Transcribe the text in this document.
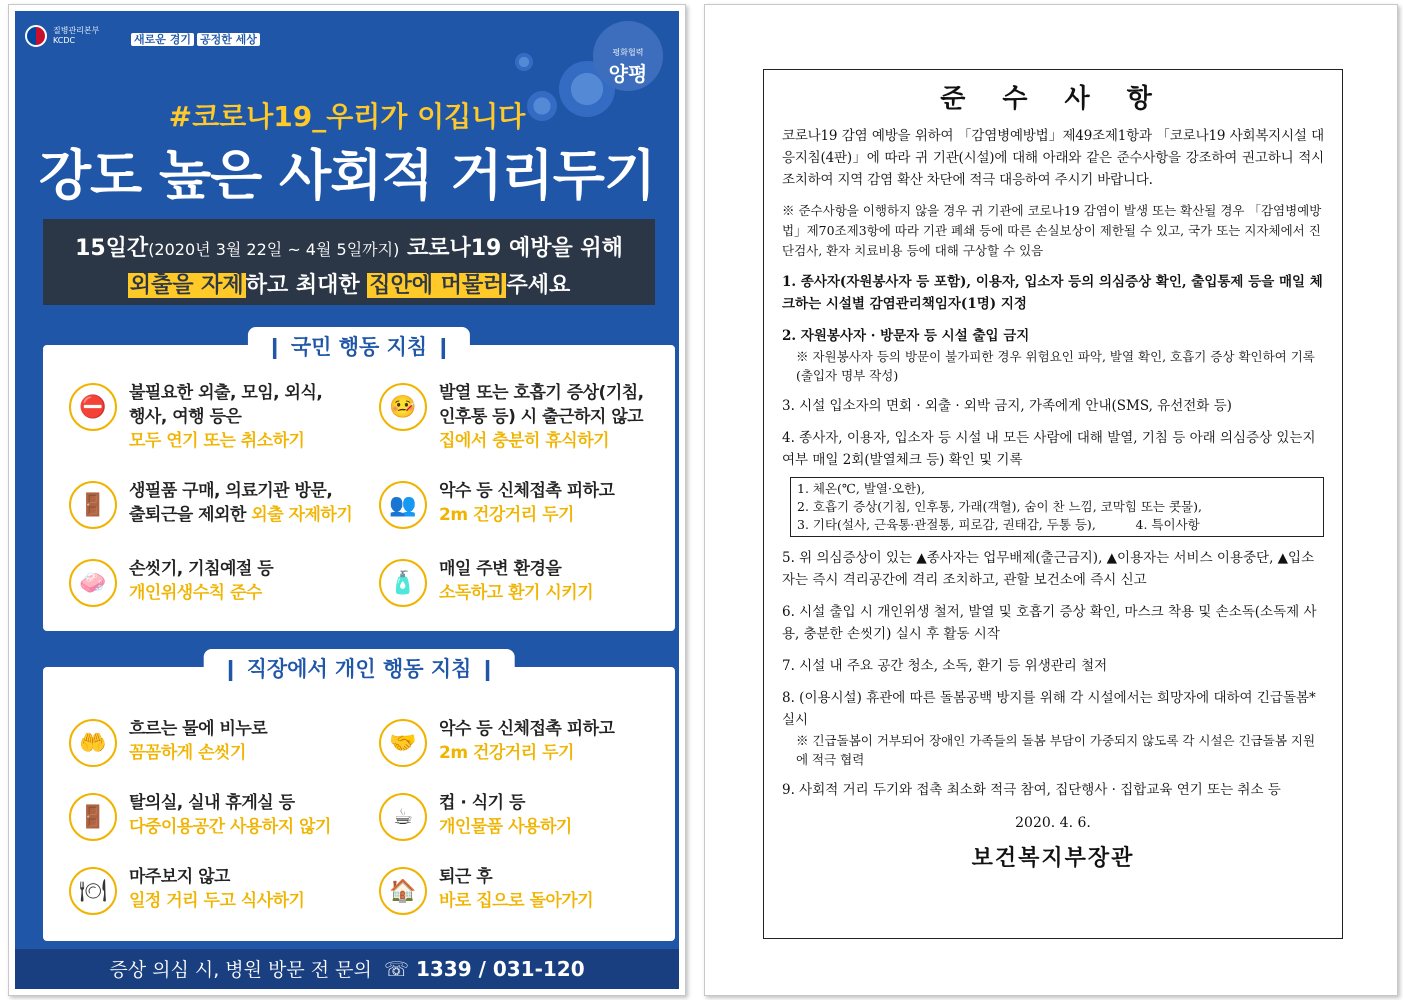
질병관리본부
KCDC	새로운 경기 공정한 세상
평화협력
양평
#코로나19_우리가 이깁니다
강도 높은 사회적 거리두기
15일간(2020년 3월 22일 ~ 4월 5일까지) 코로나19 예방을 위해
외출을 자제하고 최대한 집안에 머물러주세요
❙ 국민 행동 지침 ❙
⛔
불필요한 외출, 모임, 외식,
행사, 여행 등은
모두 연기 또는 취소하기
🤒
발열 또는 호흡기 증상(기침,
인후통 등) 시 출근하지 않고
집에서 충분히 휴식하기
🚪
생필품 구매, 의료기관 방문,
출퇴근을 제외한 외출 자제하기	👥
악수 등 신체접촉 피하고
2m 건강거리 두기
🧼
손씻기, 기침예절 등
개인위생수칙 준수	🧴
매일 주변 환경을
소독하고 환기 시키기
❙ 직장에서 개인 행동 지침 ❙
🤲
흐르는 물에 비누로
꼼꼼하게 손씻기	🤝
악수 등 신체접촉 피하고
2m 건강거리 두기
🚪
탈의실, 실내 휴게실 등
다중이용공간 사용하지 않기	☕
컵 · 식기 등
개인물품 사용하기
🍽
마주보지 않고
일정 거리 두고 식사하기	🏠
퇴근 후
바로 집으로 돌아가기
증상 의심 시, 병원 방문 전 문의 ☏ 1339 / 031-120
준 수 사 항
코로나19 감염 예방을 위하여 「감염병예방법」제49조제1항과 「코로나19 사회복지시설 대응지침(4판)」에 따라 귀 기관(시설)에 대해 아래와 같은 준수사항을 강조하여 권고하니 적시 조치하여 지역 감염 확산 차단에 적극 대응하여 주시기 바랍니다.
※ 준수사항을 이행하지 않을 경우 귀 기관에 코로나19 감염이 발생 또는 확산될 경우 「감염병예방법」제70조제3항에 따라 기관 폐쇄 등에 따른 손실보상이 제한될 수 있고, 국가 또는 지자체에서 진단검사, 환자 치료비용 등에 대해 구상할 수 있음
1. 종사자(자원봉사자 등 포함), 이용자, 입소자 등의 의심증상 확인, 출입통제 등을 매일 체크하는 시설별 감염관리책임자(1명) 지정
2. 자원봉사자 · 방문자 등 시설 출입 금지
※ 자원봉사자 등의 방문이 불가피한 경우 위험요인 파악, 발열 확인, 호흡기 증상 확인하여 기록(출입자 명부 작성)
3. 시설 입소자의 면회 · 외출 · 외박 금지, 가족에게 안내(SMS, 유선전화 등)
4. 종사자, 이용자, 입소자 등 시설 내 모든 사람에 대해 발열, 기침 등 아래 의심증상 있는지 여부 매일 2회(발열체크 등) 확인 및 기록
1. 체온(℃, 발열·오한),
2. 호흡기 증상(기침, 인후통, 가래(객혈), 숨이 찬 느낌, 코막힘 또는 콧물),
3. 기타(설사, 근육통·관절통, 피로감, 권태감, 두통 등),          4. 특이사항
5. 위 의심증상이 있는 ▲종사자는 업무배제(출근금지), ▲이용자는 서비스 이용중단, ▲입소자는 즉시 격리공간에 격리 조치하고, 관할 보건소에 즉시 신고
6. 시설 출입 시 개인위생 철저, 발열 및 호흡기 증상 확인, 마스크 착용 및 손소독(소독제 사용, 충분한 손씻기) 실시 후 활동 시작
7. 시설 내 주요 공간 청소, 소독, 환기 등 위생관리 철저
8. (이용시설) 휴관에 따른 돌봄공백 방지를 위해 각 시설에서는 희망자에 대하여 긴급돌봄* 실시
※ 긴급돌봄이 거부되어 장애인 가족들의 돌봄 부담이 가중되지 않도록 각 시설은 긴급돌봄 지원에 적극 협력
9. 사회적 거리 두기와 접촉 최소화 적극 참여, 집단행사 · 집합교육 연기 또는 취소 등
2020. 4. 6.
보건복지부장관
